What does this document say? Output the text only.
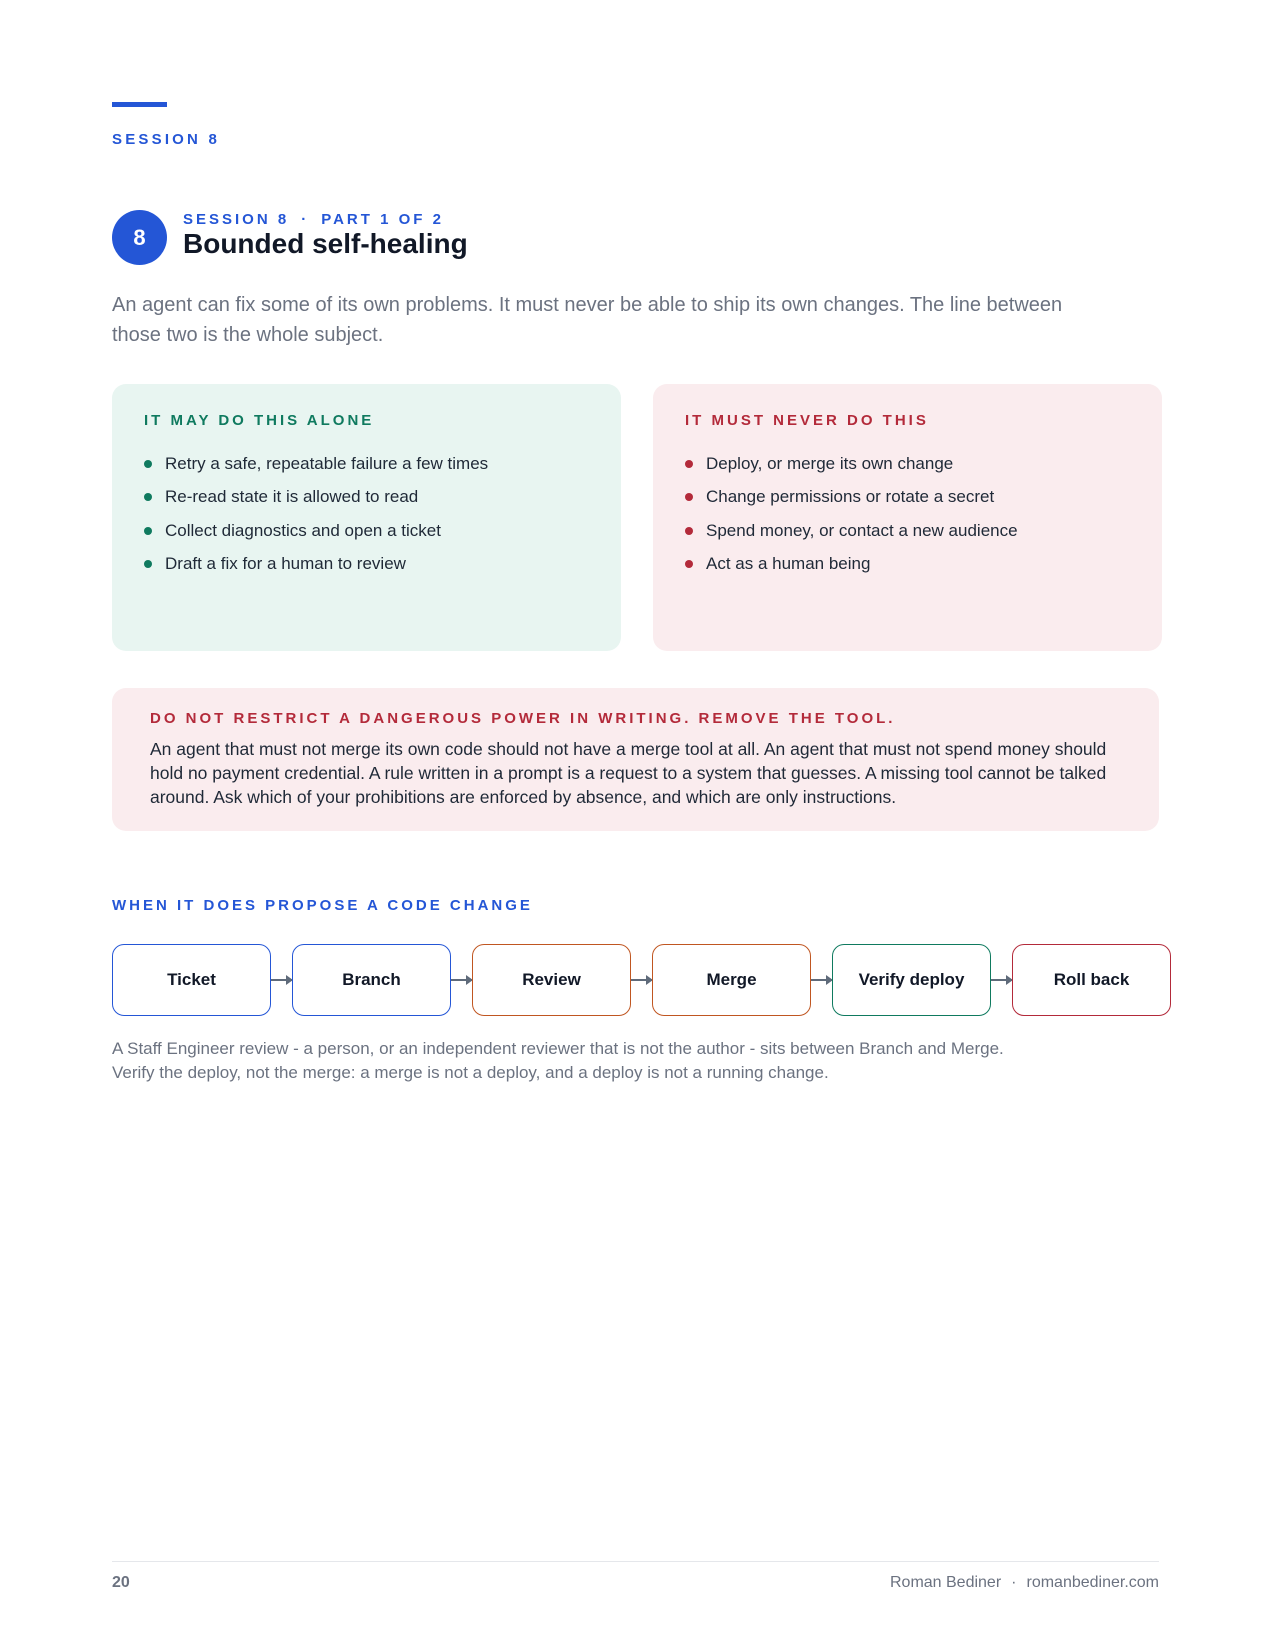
SESSION 8
8
SESSION 8 · PART 1 OF 2
Bounded self-healing

An agent can fix some of its own problems. It must never be able to ship its own changes. The line between those two is the whole subject.

IT MAY DO THIS ALONE
Retry a safe, repeatable failure a few times
Re-read state it is allowed to read
Collect diagnostics and open a ticket
Draft a fix for a human to review
IT MUST NEVER DO THIS
Deploy, or merge its own change
Change permissions or rotate a secret
Spend money, or contact a new audience
Act as a human being
DO NOT RESTRICT A DANGEROUS POWER IN WRITING. REMOVE THE TOOL.

An agent that must not merge its own code should not have a merge tool at all. An agent that must not spend money should hold no payment credential. A rule written in a prompt is a request to a system that guesses. A missing tool cannot be talked around. Ask which of your prohibitions are enforced by absence, and which are only instructions.

WHEN IT DOES PROPOSE A CODE CHANGE
Ticket	Branch	Review	Merge	Verify deploy	Roll back
A Staff Engineer review - a person, or an independent reviewer that is not the author - sits between Branch and Merge.
Verify the deploy, not the merge: a merge is not a deploy, and a deploy is not a running change.
20	Roman Bediner · romanbediner.com
